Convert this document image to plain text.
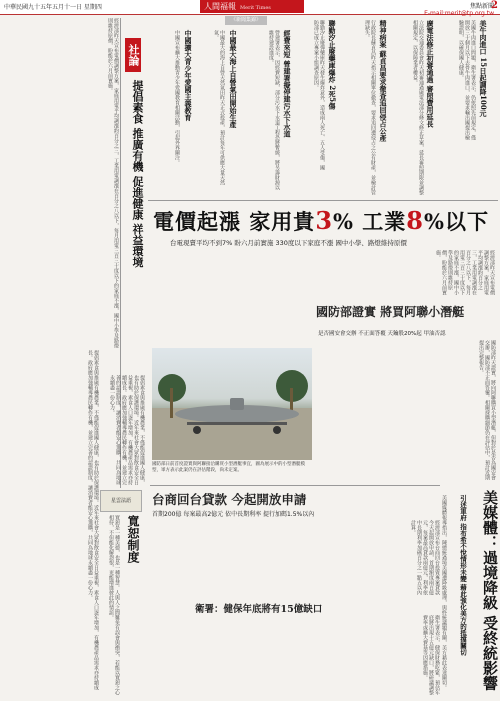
中華民國九十五年五月十一日 星期四	人間福報 Merit Times	焦點新聞
E-mail:merit@tp.org.tw
2
《新聞集錦》
經濟部昨天宣布電價調整方案，家庭用電平均調漲約百分之三，工業用電調漲在百分之八以下，每月用電三百三十度以下的家庭不漲，國中小學及路燈則維持原價，盼能於六月前實施。
提倡素食與推廣有機農業，不僅能促進國人健康，也有助於保護環境。近年來社會大眾對飲食安全日益重視，素食人口逐年增加，有機農產品需求亦持續成長。政府應加強輔導農民轉作有機，並建立完善的認證制度，讓消費者能安心選購，共同為地球永續盡一份心力。
社論
提倡素食 推廣有機 促進健康 祥益環境
提倡素食與推廣有機農業，不僅能促進國人健康，也有助於保護環境。近年來社會大眾對飲食安全日益重視，素食人口逐年增加，有機農產品需求亦持續成長。政府應加強輔導農民轉作有機，並建立完善的認證制度，讓消費者能安心選購，共同為地球永續盡一份心力。
星雲法語
寬恕制度
寬恕是一種美德，也是一種智慧。人與人之間難免有誤會與衝突，若能以寬恕之心相待，不但能化解怨恨，更能增進彼此的情誼。
美牛肉進口 15日起調降100元
美國牛肉進口問題，衛生署表示，仍依照先前規定，僅開放三十個月以下去骨牛肉進口，並要求輸出國提出檢驗證明，以確保國人健康。
廣電法修正初審通過 審照費用延長
立法院交通委員會昨天初審通過廣電法部分條文修正草案，延長審照期限並調整相關規定，以保障業者權益。
精神病案 蘇貞昌要求徹查追回侵占公產
行政院長蘇貞昌昨天指示相關單位徹查，要求追回遭侵占之公有財產，並檢討管理缺失。
聯勤汐止廢藥庫爆炸 2死5傷
聯勤汐止廢彈藥庫昨天發生爆炸意外，造成兩人死亡、五人受傷，國防部已成立專案小組調查原因。
經費來短 營建署擬停建污水下水道
營建署表示，因經費短缺，部分污水下水道工程恐將暫緩，將另籌財源以維持建設進度。
中國最大海上自營氣田開始生產
中國最大的海上自營天然氣田昨天正式投產，預計每年可供應大量天然氣。
中國擴大青少年愛國主義教育
中國宣布擴大推動青少年愛國教育相關活動，引起外界關注。
電價起漲 家用貴3% 工業8%以下
台電現賣平均不到7% 盼六月前實施 330度以下家庭不漲 國中小學、路燈維持原價
經濟部昨天宣布電價調整方案，家庭用電平均調漲約百分之三，工業用電調漲在百分之八以下，每月用電三百三十度以下的家庭不漲，國中小學及路燈則維持原價，盼能於六月前實施。
國防部證實 將買阿聯小潛艇
是否國安會交辦 不正面答覆 天鑰股20%起 甲油否認
國防部昨天證實，將向阿聯購買小型潛艇，但對於是否為國安會交辦，國防部不正面答覆。相關採購細節仍在評估中，預計近期提出完整報告。
國防部日前首度證實與阿聯接洽購買小型潛艇事宜，圖為展示中的小型潛艇模型，軍方表示此案仍在評估階段，尚未定案。
台商回台貸款 今起開放申請
首期200億 每案最高2億元 依中長期利率 提行加碼1.5%以內
經濟部宣布台商回台投資專案貸款今天起開放申請，首期額度兩百億元，每案最高貸款兩億元，利率依中長期利率加碼百分之一點五以內計算。
衛署：健保年底將有15億缺口
衛生署表示，健保財務吃緊，預估年底將出現十五億元缺口，將研議調整費率或擴大費基等因應措施。	美媒體：過境降級 受終統影響
引述軍府 指布希不悅情形未變 藉此強化美方的抵擋關切
美國媒體報導指出，陳總統過境美國遭降級處理，與終統議題有關，美方藉此表達關切。
